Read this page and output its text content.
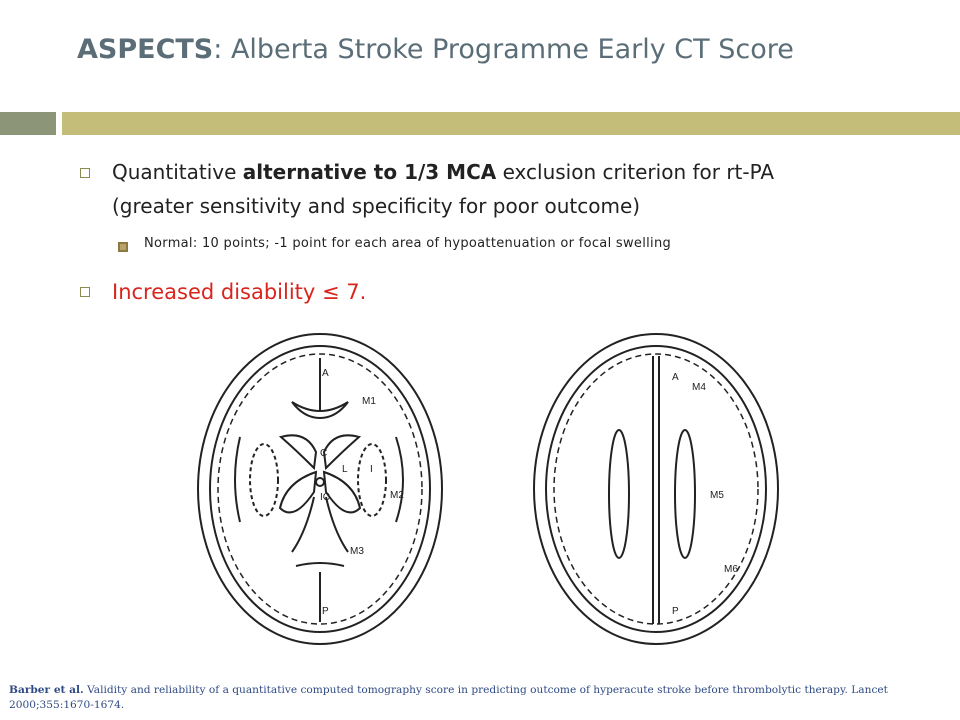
ASPECTS: Alberta Stroke Programme Early CT Score
Quantitative alternative to 1/3 MCA exclusion criterion for rt-PA
(greater sensitivity and specificity for poor outcome)
Normal: 10 points; -1 point for each area of hypoattenuation or focal swelling
Increased disability ≤ 7.
A
M1
C
L I
IC	M2
M3
P
A
M4
M5
M6
P
Barber et al. Validity and reliability of a quantitative computed tomography score in predicting outcome of hyperacute stroke before thrombolytic therapy. Lancet 2000;355:1670-1674.
